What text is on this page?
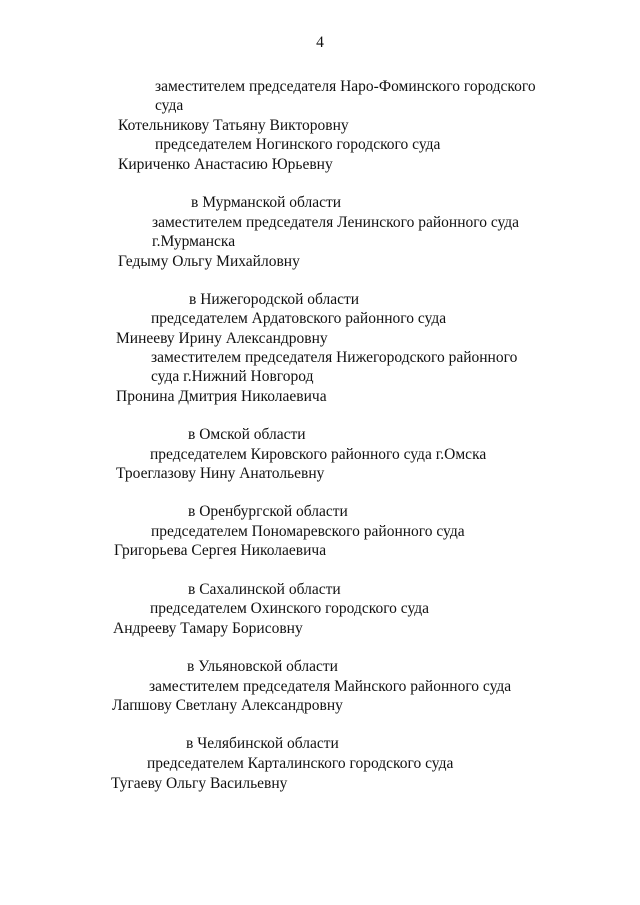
4
заместителем председателя Наро-Фоминского городского
суда
Котельникову Татьяну Викторовну
председателем Ногинского городского суда
Кириченко Анастасию Юрьевну
в Мурманской области
заместителем председателя Ленинского районного суда
г.Мурманска
Гедыму Ольгу Михайловну
в Нижегородской области
председателем Ардатовского районного суда
Минееву Ирину Александровну
заместителем председателя Нижегородского районного
суда г.Нижний Новгород
Пронина Дмитрия Николаевича
в Омской области
председателем Кировского районного суда г.Омска
Троеглазову Нину Анатольевну
в Оренбургской области
председателем Пономаревского районного суда
Григорьева Сергея Николаевича
в Сахалинской области
председателем Охинского городского суда
Андрееву Тамару Борисовну
в Ульяновской области
заместителем председателя Майнского районного суда
Лапшову Светлану Александровну
в Челябинской области
председателем Карталинского городского суда
Тугаеву Ольгу Васильевну
